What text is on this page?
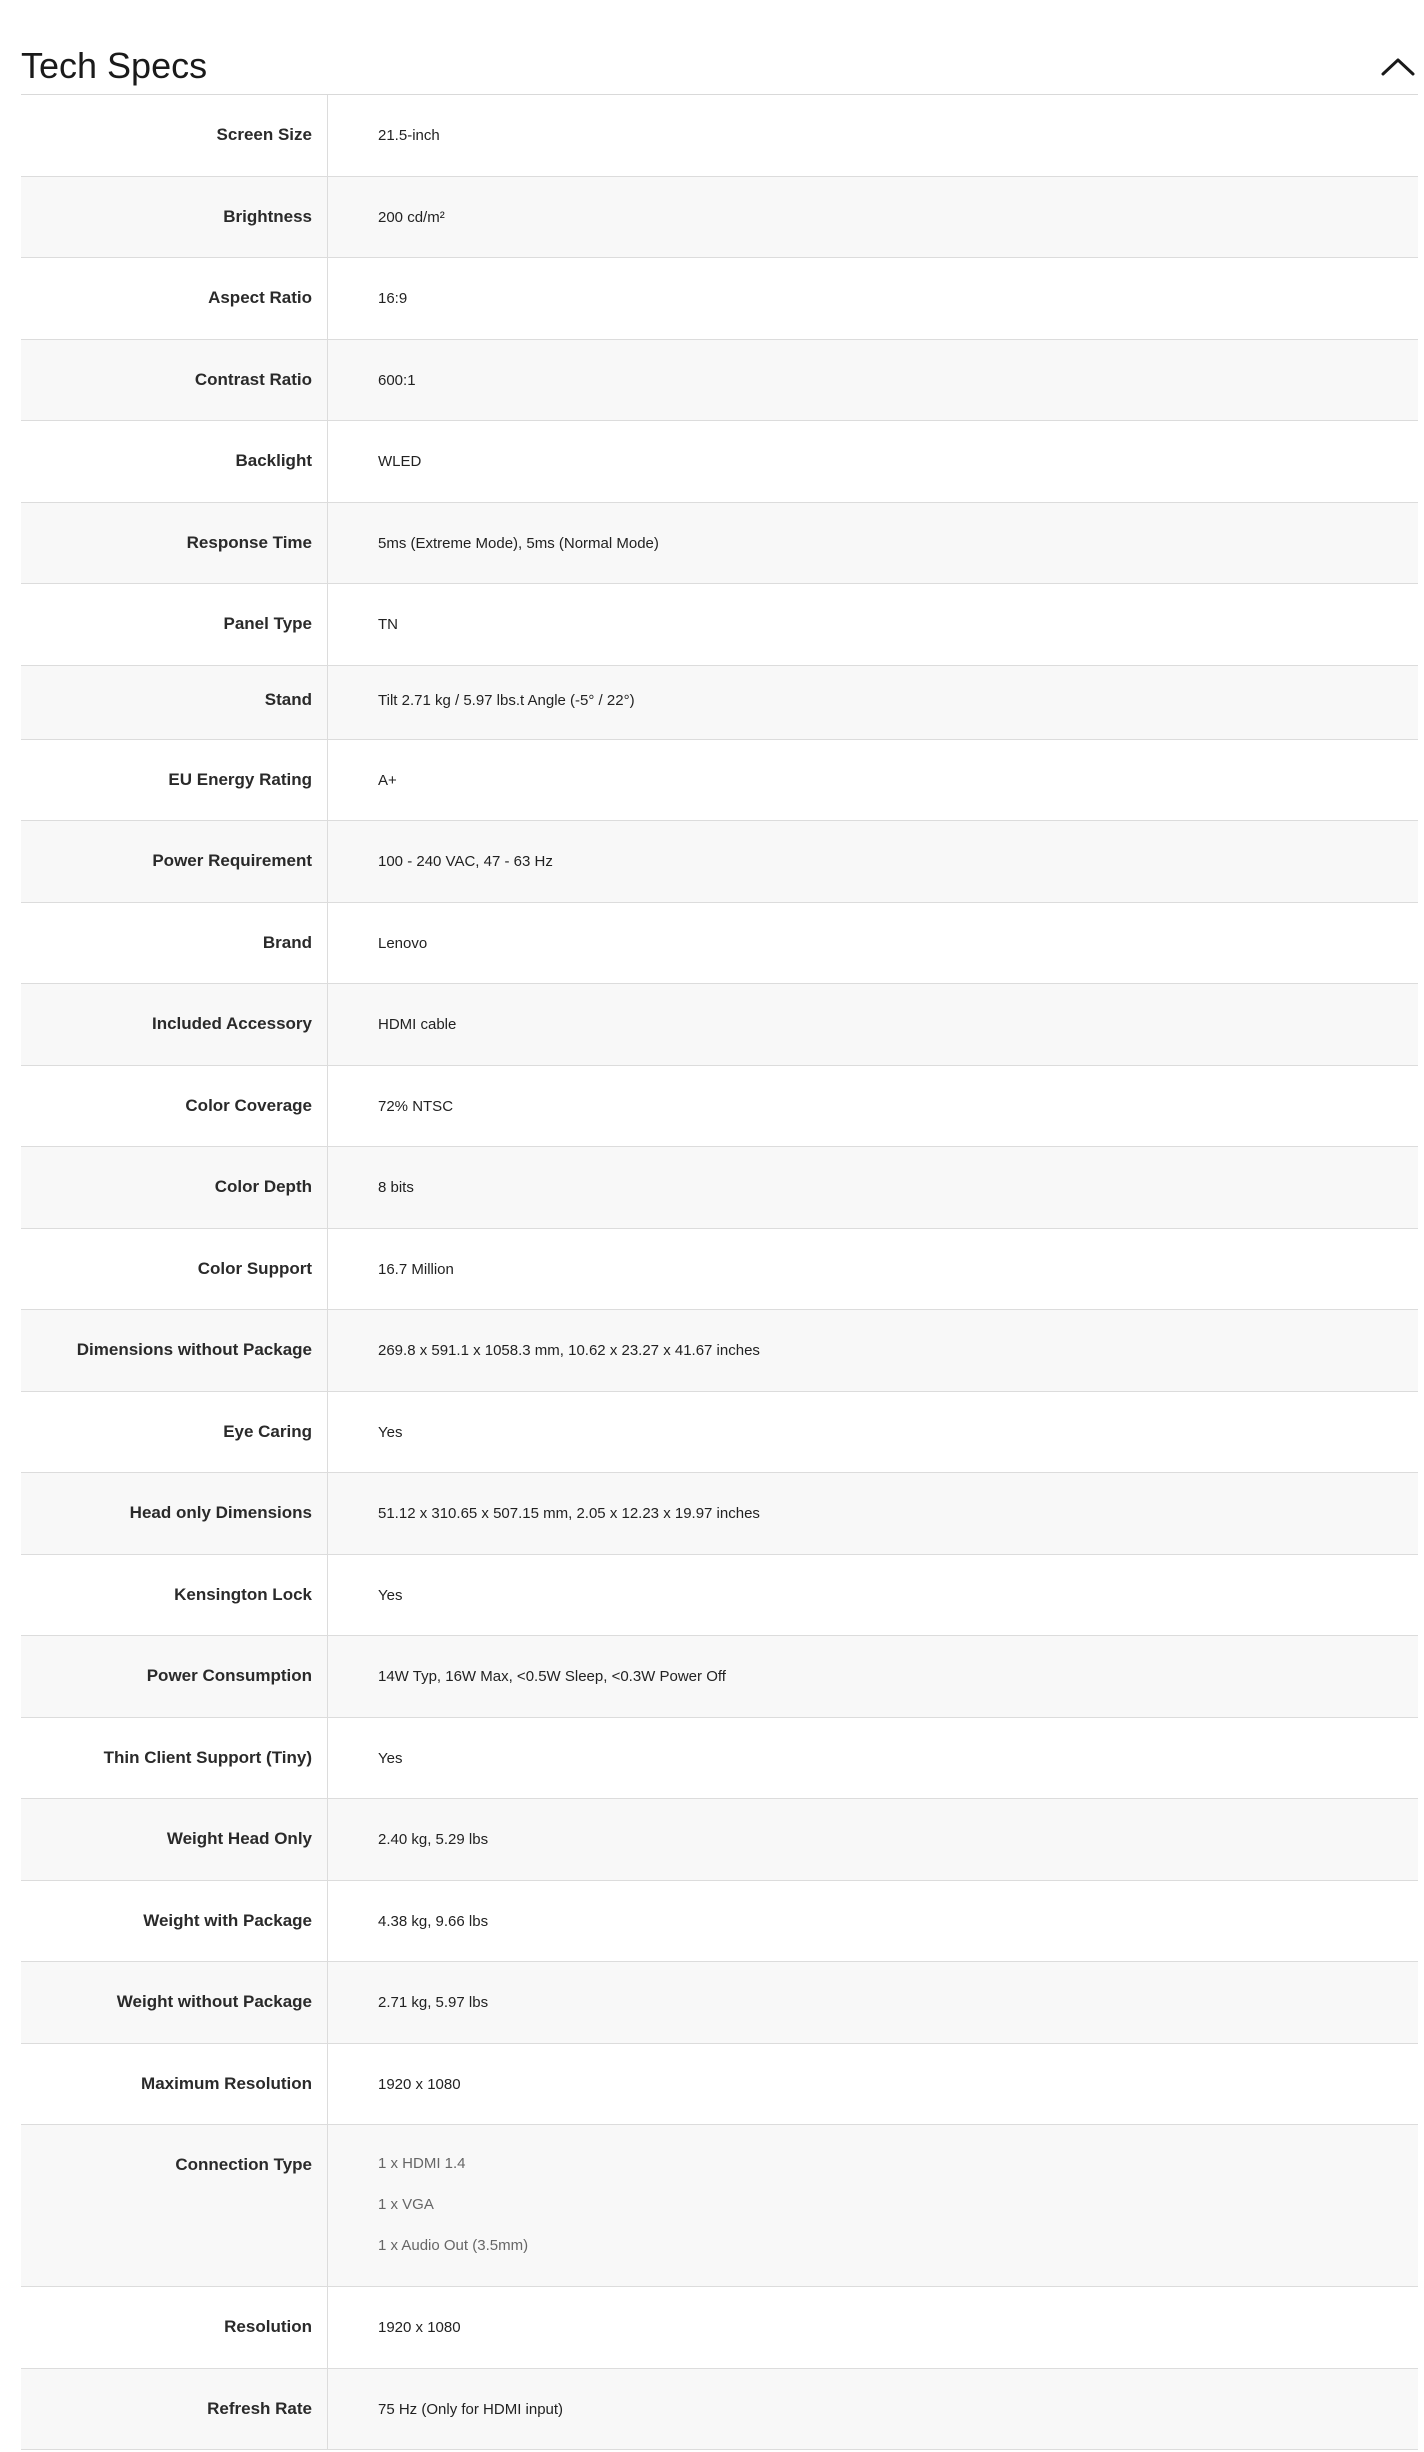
Tech Specs
Screen Size	21.5-inch
Brightness	200 cd/m²
Aspect Ratio	16:9
Contrast Ratio	600:1
Backlight	WLED
Response Time	5ms (Extreme Mode), 5ms (Normal Mode)
Panel Type	TN
Stand	Tilt 2.71 kg / 5.97 lbs.t Angle (-5° / 22°)
EU Energy Rating	A+
Power Requirement	100 - 240 VAC, 47 - 63 Hz
Brand	Lenovo
Included Accessory	HDMI cable
Color Coverage	72% NTSC
Color Depth	8 bits
Color Support	16.7 Million
Dimensions without Package	269.8 x 591.1 x 1058.3 mm, 10.62 x 23.27 x 41.67 inches
Eye Caring	Yes
Head only Dimensions	51.12 x 310.65 x 507.15 mm, 2.05 x 12.23 x 19.97 inches
Kensington Lock	Yes
Power Consumption	14W Typ, 16W Max, <0.5W Sleep, <0.3W Power Off
Thin Client Support (Tiny)	Yes
Weight Head Only	2.40 kg, 5.29 lbs
Weight with Package	4.38 kg, 9.66 lbs
Weight without Package	2.71 kg, 5.97 lbs
Maximum Resolution	1920 x 1080
Connection Type	1 x HDMI 1.4
1 x VGA
1 x Audio Out (3.5mm)
Resolution	1920 x 1080
Refresh Rate	75 Hz (Only for HDMI input)
